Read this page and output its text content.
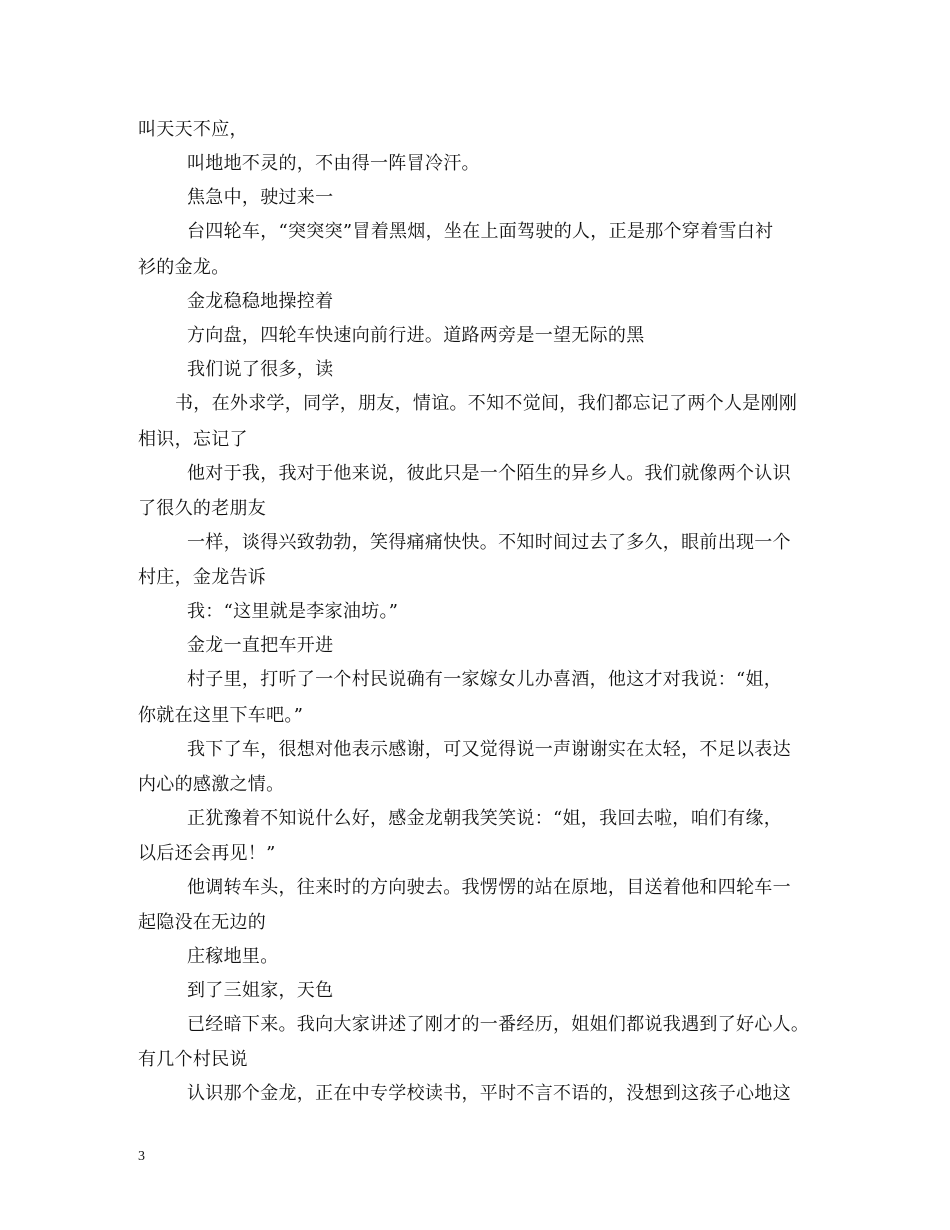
叫天天不应，
叫地地不灵的，不由得一阵冒冷汗。
焦急中，驶过来一
台四轮车，“突突突”冒着黑烟，坐在上面驾驶的人，正是那个穿着雪白衬
衫的金龙。
金龙稳稳地操控着
方向盘，四轮车快速向前行进。道路两旁是一望无际的黑
我们说了很多，读
书，在外求学，同学，朋友，情谊。不知不觉间，我们都忘记了两个人是刚刚
相识，忘记了
他对于我，我对于他来说，彼此只是一个陌生的异乡人。我们就像两个认识
了很久的老朋友
一样，谈得兴致勃勃，笑得痛痛快快。不知时间过去了多久，眼前出现一个
村庄，金龙告诉
我：“这里就是李家油坊。”
金龙一直把车开进
村子里，打听了一个村民说确有一家嫁女儿办喜酒，他这才对我说：“姐，
你就在这里下车吧。”
我下了车，很想对他表示感谢，可又觉得说一声谢谢实在太轻，不足以表达
内心的感激之情。
正犹豫着不知说什么好，感金龙朝我笑笑说：“姐，我回去啦，咱们有缘，
以后还会再见！”
他调转车头，往来时的方向驶去。我愣愣的站在原地，目送着他和四轮车一
起隐没在无边的
庄稼地里。
到了三姐家，天色
已经暗下来。我向大家讲述了刚才的一番经历，姐姐们都说我遇到了好心人。
有几个村民说
认识那个金龙，正在中专学校读书，平时不言不语的，没想到这孩子心地这
3
